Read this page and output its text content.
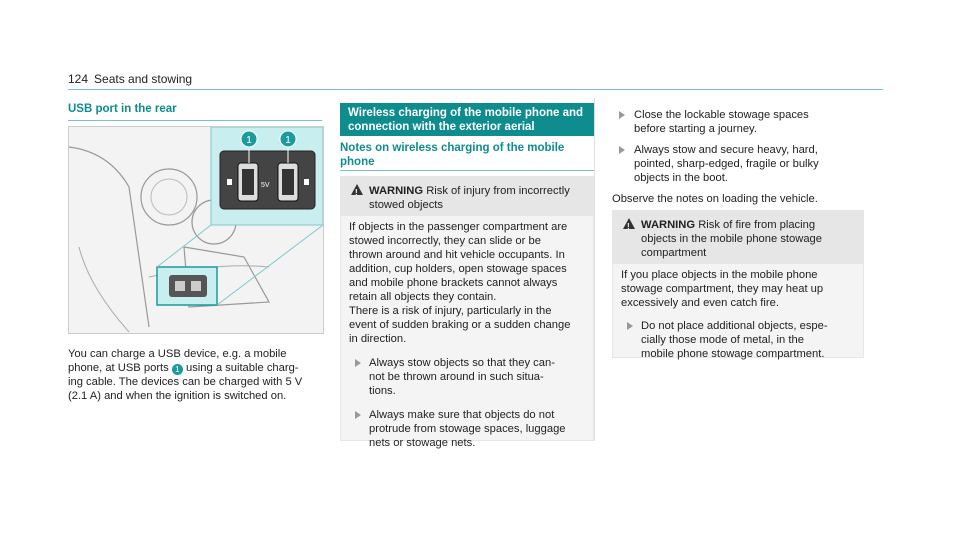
124 Seats and stowing
USB port in the rear
5V
1	1
You can charge a USB device, e.g. a mobile
phone, at USB ports 1 using a suitable charg-
ing cable. The devices can be charged with 5 V
(2.1 A) and when the ignition is switched on.
Wireless charging of the mobile phone and
connection with the exterior aerial
Notes on wireless charging of the mobile
phone
!WARNING Risk of injury from incorrectly
stowed objects
If objects in the passenger compartment are
stowed incorrectly, they can slide or be
thrown around and hit vehicle occupants. In
addition, cup holders, open stowage spaces
and mobile phone brackets cannot always
retain all objects they contain.
There is a risk of injury, particularly in the
event of sudden braking or a sudden change
in direction.
Always stow objects so that they can-
not be thrown around in such situa-
tions.
Always make sure that objects do not
protrude from stowage spaces, luggage
nets or stowage nets.
Close the lockable stowage spaces
before starting a journey.
Always stow and secure heavy, hard,
pointed, sharp-edged, fragile or bulky
objects in the boot.
Observe the notes on loading the vehicle.
!WARNING Risk of fire from placing
objects in the mobile phone stowage
compartment
If you place objects in the mobile phone
stowage compartment, they may heat up
excessively and even catch fire.
Do not place additional objects, espe-
cially those mode of metal, in the
mobile phone stowage compartment.
